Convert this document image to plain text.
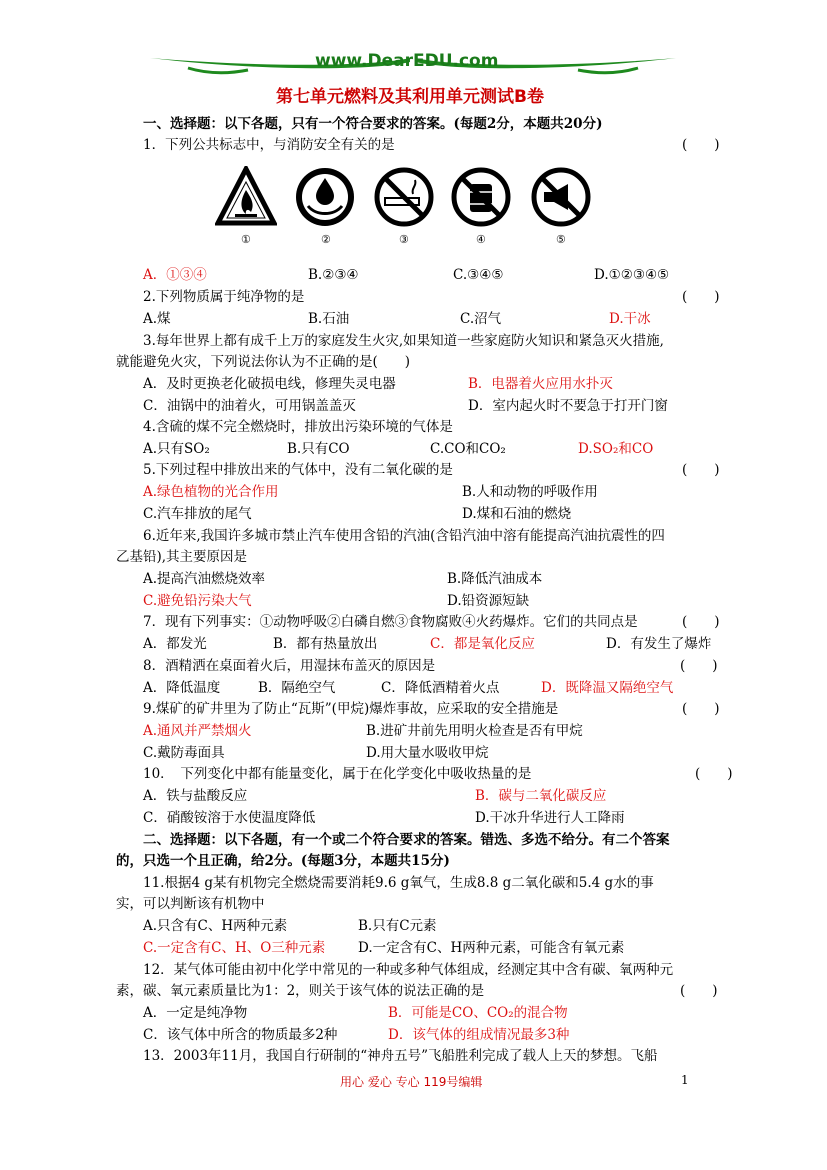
www.DearEDU.com
第七单元燃料及其利用单元测试B卷
一、选择题：以下各题，只有一个符合要求的答案。(每题2分，本题共20分)
1．下列公共标志中，与消防安全有关的是	(　　)
①	②	③	④	⑤
A．①③④	B.②③④	C.③④⑤	D.①②③④⑤
2.下列物质属于纯净物的是	(　　)
A.煤	B.石油	C.沼气	D.干冰
3.每年世界上都有成千上万的家庭发生火灾,如果知道一些家庭防火知识和紧急灭火措施,
就能避免火灾，下列说法你认为不正确的是(　　)
A．及时更换老化破损电线，修理失灵电器	B．电器着火应用水扑灭
C．油锅中的油着火，可用锅盖盖灭	D．室内起火时不要急于打开门窗
4.含硫的煤不完全燃烧时，排放出污染环境的气体是
A.只有SO₂	B.只有CO	C.CO和CO₂	D.SO₂和CO
5.下列过程中排放出来的气体中，没有二氧化碳的是	(　　)
A.绿色植物的光合作用	B.人和动物的呼吸作用
C.汽车排放的尾气	D.煤和石油的燃烧
6.近年来,我国许多城市禁止汽车使用含铅的汽油(含铅汽油中溶有能提高汽油抗震性的四
乙基铅),其主要原因是
A.提高汽油燃烧效率	B.降低汽油成本
C.避免铅污染大气	D.铅资源短缺
7．现有下列事实：①动物呼吸②白磷自燃③食物腐败④火药爆炸。它们的共同点是	(　　)
A．都发光	B．都有热量放出	C．都是氧化反应	D．有发生了爆炸
8．酒精洒在桌面着火后，用湿抹布盖灭的原因是	(　　)
A．降低温度	B．隔绝空气	C．降低酒精着火点	D．既降温又隔绝空气
9.煤矿的矿井里为了防止“瓦斯”(甲烷)爆炸事故，应采取的安全措施是	(　　)
A.通风并严禁烟火	B.进矿井前先用明火检查是否有甲烷
C.戴防毒面具	D.用大量水吸收甲烷
10．　下列变化中都有能量变化，属于在化学变化中吸收热量的是	(　　)
A．铁与盐酸反应	B．碳与二氧化碳反应
C．硝酸铵溶于水使温度降低	D.干冰升华进行人工降雨
二、选择题：以下各题，有一个或二个符合要求的答案。错选、多选不给分。有二个答案
的，只选一个且正确，给2分。(每题3分，本题共15分)
11.根据4 g某有机物完全燃烧需要消耗9.6 g氧气，生成8.8 g二氧化碳和5.4 g水的事
实，可以判断该有机物中
A.只含有C、H两种元素	B.只有C元素
C.一定含有C、H、O三种元素 D.一定含有C、H两种元素，可能含有氧元素
12．某气体可能由初中化学中常见的一种或多种气体组成，经测定其中含有碳、氧两种元
素，碳、氧元素质量比为1：2，则关于该气体的说法正确的是	(　　)
A．一定是纯净物	B．可能是CO、CO₂的混合物
C．该气体中所含的物质最多2种	D．该气体的组成情况最多3种
13．2003年11月，我国自行研制的“神舟五号”飞船胜利完成了载人上天的梦想。飞船
用心 爱心 专心 119号编辑	1
